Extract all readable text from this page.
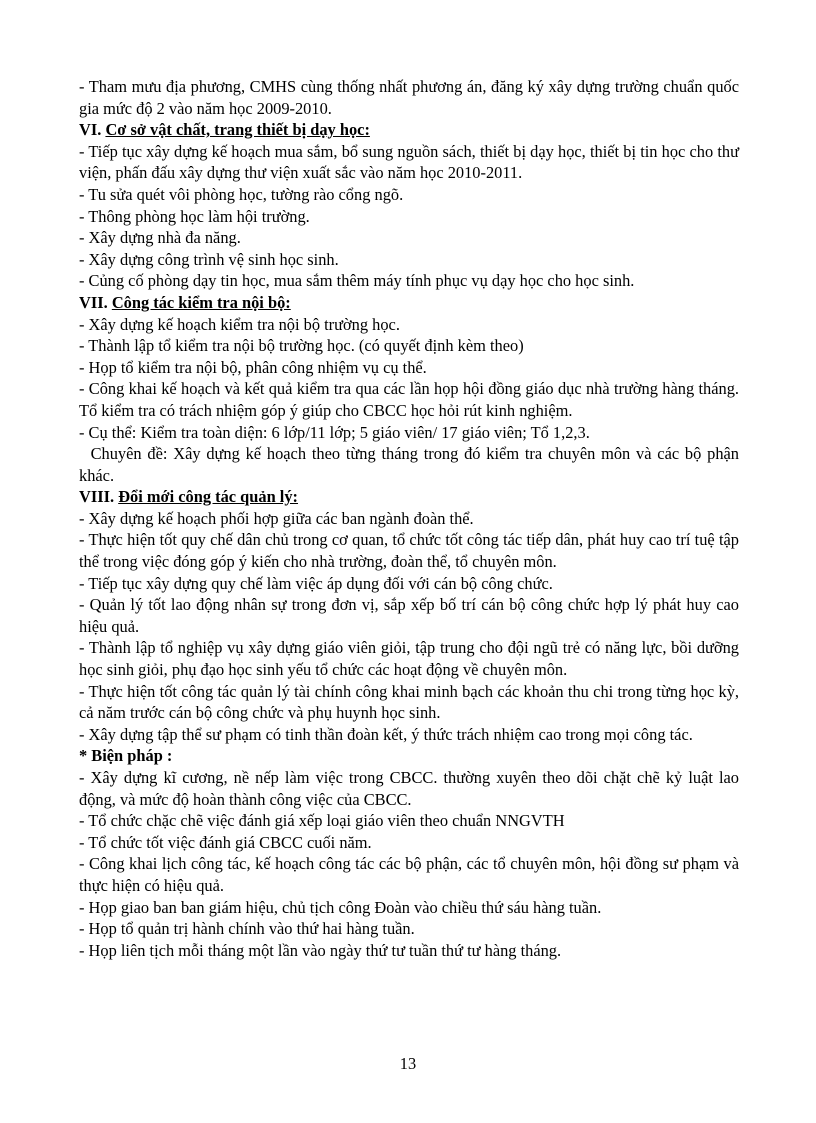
- Tham mưu địa phương, CMHS cùng thống nhất phương án, đăng ký xây dựng trường chuẩn quốc gia mức độ 2 vào năm học 2009-2010.

VI. Cơ sở vật chất, trang thiết bị dạy học:

- Tiếp tục xây dựng kế hoạch mua sắm, bổ sung nguồn sách, thiết bị dạy học, thiết bị tin học cho thư viện, phấn đấu xây dựng thư viện xuất sắc vào năm học 2010-2011.

- Tu sửa quét vôi phòng học, tường rào cổng ngõ.

- Thông phòng học làm hội trường.

- Xây dựng nhà đa năng.

- Xây dựng công trình vệ sinh học sinh.

- Củng cố phòng dạy tin học, mua sắm thêm máy tính phục vụ dạy học cho học sinh.

VII. Công tác kiểm tra nội bộ:

- Xây dựng kế hoạch kiểm tra nội bộ trường học.

- Thành lập tổ kiểm tra nội bộ trường học. (có quyết định kèm theo)

- Họp tổ kiểm tra nội bộ, phân công nhiệm vụ cụ thể.

- Công khai kế hoạch và kết quả kiểm tra qua các lần họp hội đồng giáo dục nhà trường hàng tháng. Tổ kiểm tra có trách nhiệm góp ý giúp cho CBCC học hỏi rút kinh nghiệm.

- Cụ thể: Kiểm tra toàn diện: 6 lớp/11 lớp; 5 giáo viên/ 17 giáo viên; Tổ 1,2,3.

Chuyên đề: Xây dựng kế hoạch theo từng tháng trong đó kiểm tra chuyên môn và các bộ phận khác.

VIII. Đổi mới công tác quản lý:

- Xây dựng kế hoạch phối hợp giữa các ban ngành đoàn thể.

- Thực hiện tốt quy chế dân chủ trong cơ quan, tổ chức tốt công tác tiếp dân, phát huy cao trí tuệ tập thể trong việc đóng góp ý kiến cho nhà trường, đoàn thể, tổ chuyên môn.

- Tiếp tục xây dựng quy chế làm việc áp dụng đối với cán bộ công chức.

- Quản lý tốt lao động nhân sự trong đơn vị, sắp xếp bố trí cán bộ công chức hợp lý phát huy cao hiệu quả.

- Thành lập tổ nghiệp vụ xây dựng giáo viên giỏi, tập trung cho đội ngũ trẻ có năng lực, bồi dưỡng học sinh giỏi, phụ đạo học sinh yếu tổ chức các hoạt động về chuyên môn.

- Thực hiện tốt công tác quản lý tài chính công khai minh bạch các khoản thu chi trong từng học kỳ, cả năm trước cán bộ công chức và phụ huynh học sinh.

- Xây dựng tập thể sư phạm có tinh thần đoàn kết, ý thức trách nhiệm cao trong mọi công tác.

* Biện pháp :

- Xây dựng kĩ cương, nề nếp làm việc trong CBCC. thường xuyên theo dõi chặt chẽ kỷ luật lao động, và mức độ hoàn thành công việc của CBCC.

- Tổ chức chặc chẽ việc đánh giá xếp loại giáo viên theo chuẩn NNGVTH

- Tổ chức tốt việc đánh giá CBCC cuối năm.

- Công khai lịch công tác, kế hoạch công tác các bộ phận, các tổ chuyên môn, hội đồng sư phạm và thực hiện có hiệu quả.

- Họp giao ban ban giám hiệu, chủ tịch công Đoàn vào chiều thứ sáu hàng tuần.

- Họp tổ quản trị hành chính vào thứ hai hàng tuần.

- Họp liên tịch mỗi tháng một lần vào ngày thứ tư tuần thứ tư hàng tháng.

13
